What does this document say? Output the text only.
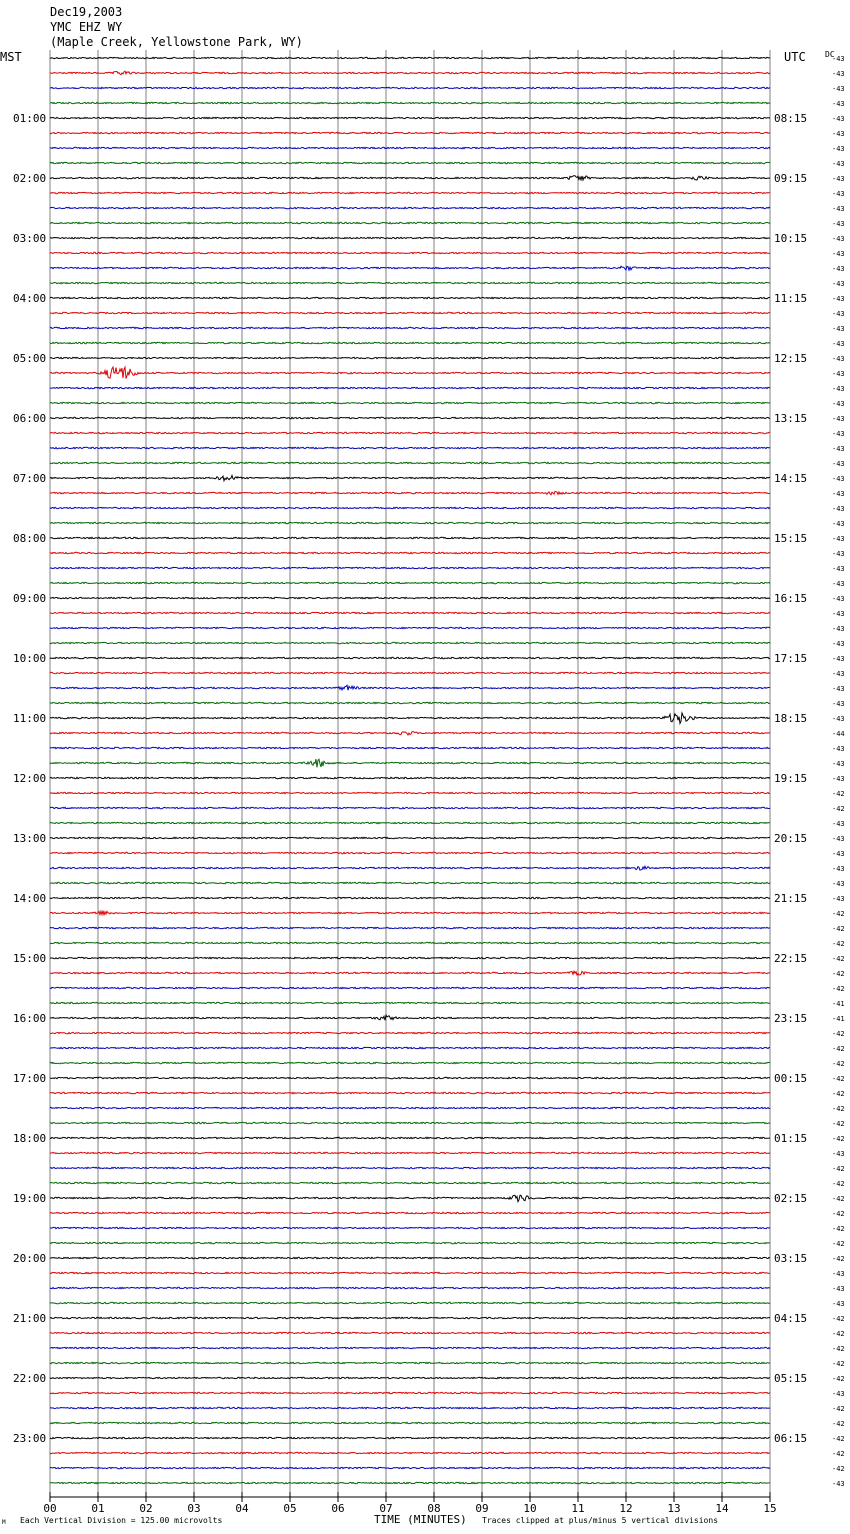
Dec19,2003
YMC EHZ WY
(Maple Creek, Yellowstone Park, WY)
MST	UTC DC
01:00
02:00
03:00
04:00
05:00
06:00
07:00
08:00
09:00
10:00
11:00
12:00
13:00
14:00
15:00
16:00
17:00
18:00
19:00
20:00
21:00
22:00
23:00
08:15
09:15
10:15
11:15
12:15
13:15
14:15
15:15
16:15
17:15
18:15
19:15
20:15
21:15
22:15
23:15
00:15
01:15
02:15
03:15
04:15
05:15
06:15
-43
-43
-43
-43
-43
-43
-43
-43
-43
-43
-43
-43
-43
-43
-43
-43
-43
-43
-43
-43
-43
-43
-43
-43
-43
-43
-43
-43
-43
-43
-43
-43
-43
-43
-43
-43
-43
-43
-43
-43
-43
-43
-43
-43
-43
-44
-43
-43
-43
-42
-42
-43
-43
-43
-43
-43
-43
-42
-42
-42
-42
-42
-42
-41
-41
-42
-42
-42
-42
-42
-42
-42
-42
-43
-42
-42
-42
-42
-42
-42
-42
-43
-43
-43
-42
-42
-42
-42
-42
-43
-42
-42
-42
-42
-42
-43
00	01	02	03	04	05	06	07	08	09	10	11	12	13	14	15
M Each Vertical Division = 125.00 microvolts	TIME (MINUTES) Traces clipped at plus/minus 5 vertical divisions
